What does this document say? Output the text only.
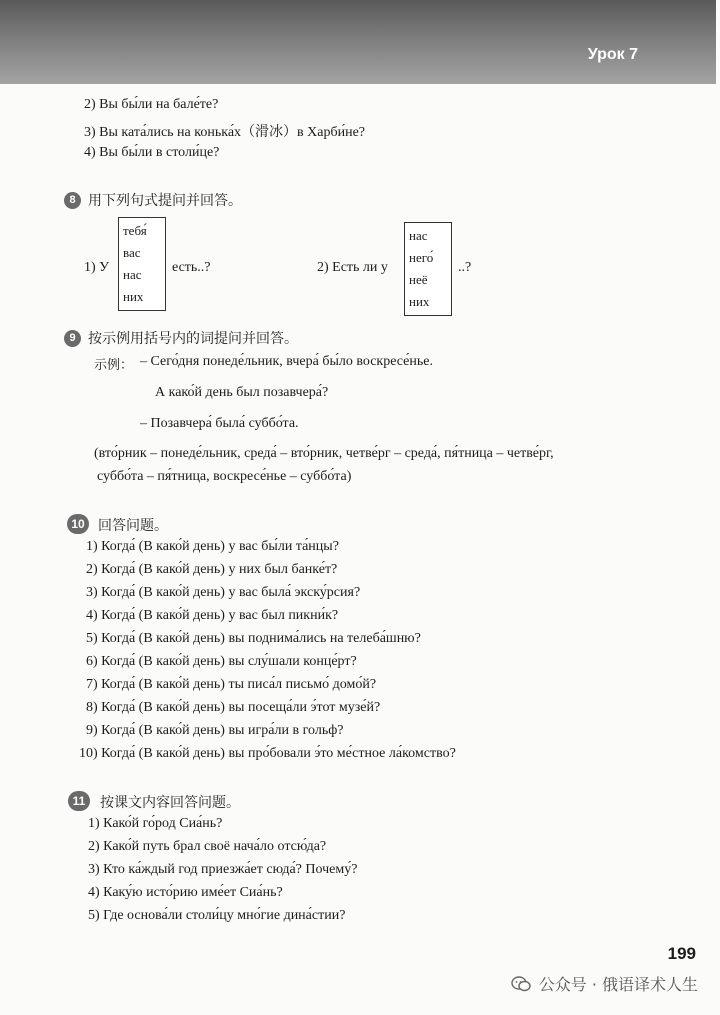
Урок 7
2) Вы бы́ли на бале́те?
3) Вы ката́лись на конька́х（滑冰）в Харби́не?
4) Вы бы́ли в столи́це?
8 用下列句式提问并回答。
1) У
тебя́
вас
нас
них
есть..?	2) Есть ли у
нас
него́
неё
них
..?
9 按示例用括号内的词提问并回答。
示例： – Сего́дня понеде́льник, вчера́ бы́ло воскресе́нье.
А како́й день был позавчера́?
– Позавчера́ была́ суббо́та.
(вто́рник – понеде́льник, среда́ – вто́рник, четве́рг – среда́, пя́тница – четве́рг,
суббо́та – пя́тница, воскресе́нье – суббо́та)
10 回答问题。
1) Когда́ (В како́й день) у вас бы́ли та́нцы?
2) Когда́ (В како́й день) у них был банке́т?
3) Когда́ (В како́й день) у вас была́ экску́рсия?
4) Когда́ (В како́й день) у вас был пикни́к?
5) Когда́ (В како́й день) вы поднима́лись на телеба́шню?
6) Когда́ (В како́й день) вы слу́шали конце́рт?
7) Когда́ (В како́й день) ты писа́л письмо́ домо́й?
8) Когда́ (В како́й день) вы посеща́ли э́тот музе́й?
9) Когда́ (В како́й день) вы игра́ли в гольф?
10) Когда́ (В како́й день) вы про́бовали э́то ме́стное ла́комство?
11	按课文内容回答问题。
1) Како́й го́род Сиа́нь?
2) Како́й путь брал своё нача́ло отсю́да?
3) Кто ка́ждый год приезжа́ет сюда́? Почему́?
4) Каку́ю исто́рию име́ет Сиа́нь?
5) Где основа́ли столи́цу мно́гие дина́стии?
199
公众号 · 俄语译术人生
